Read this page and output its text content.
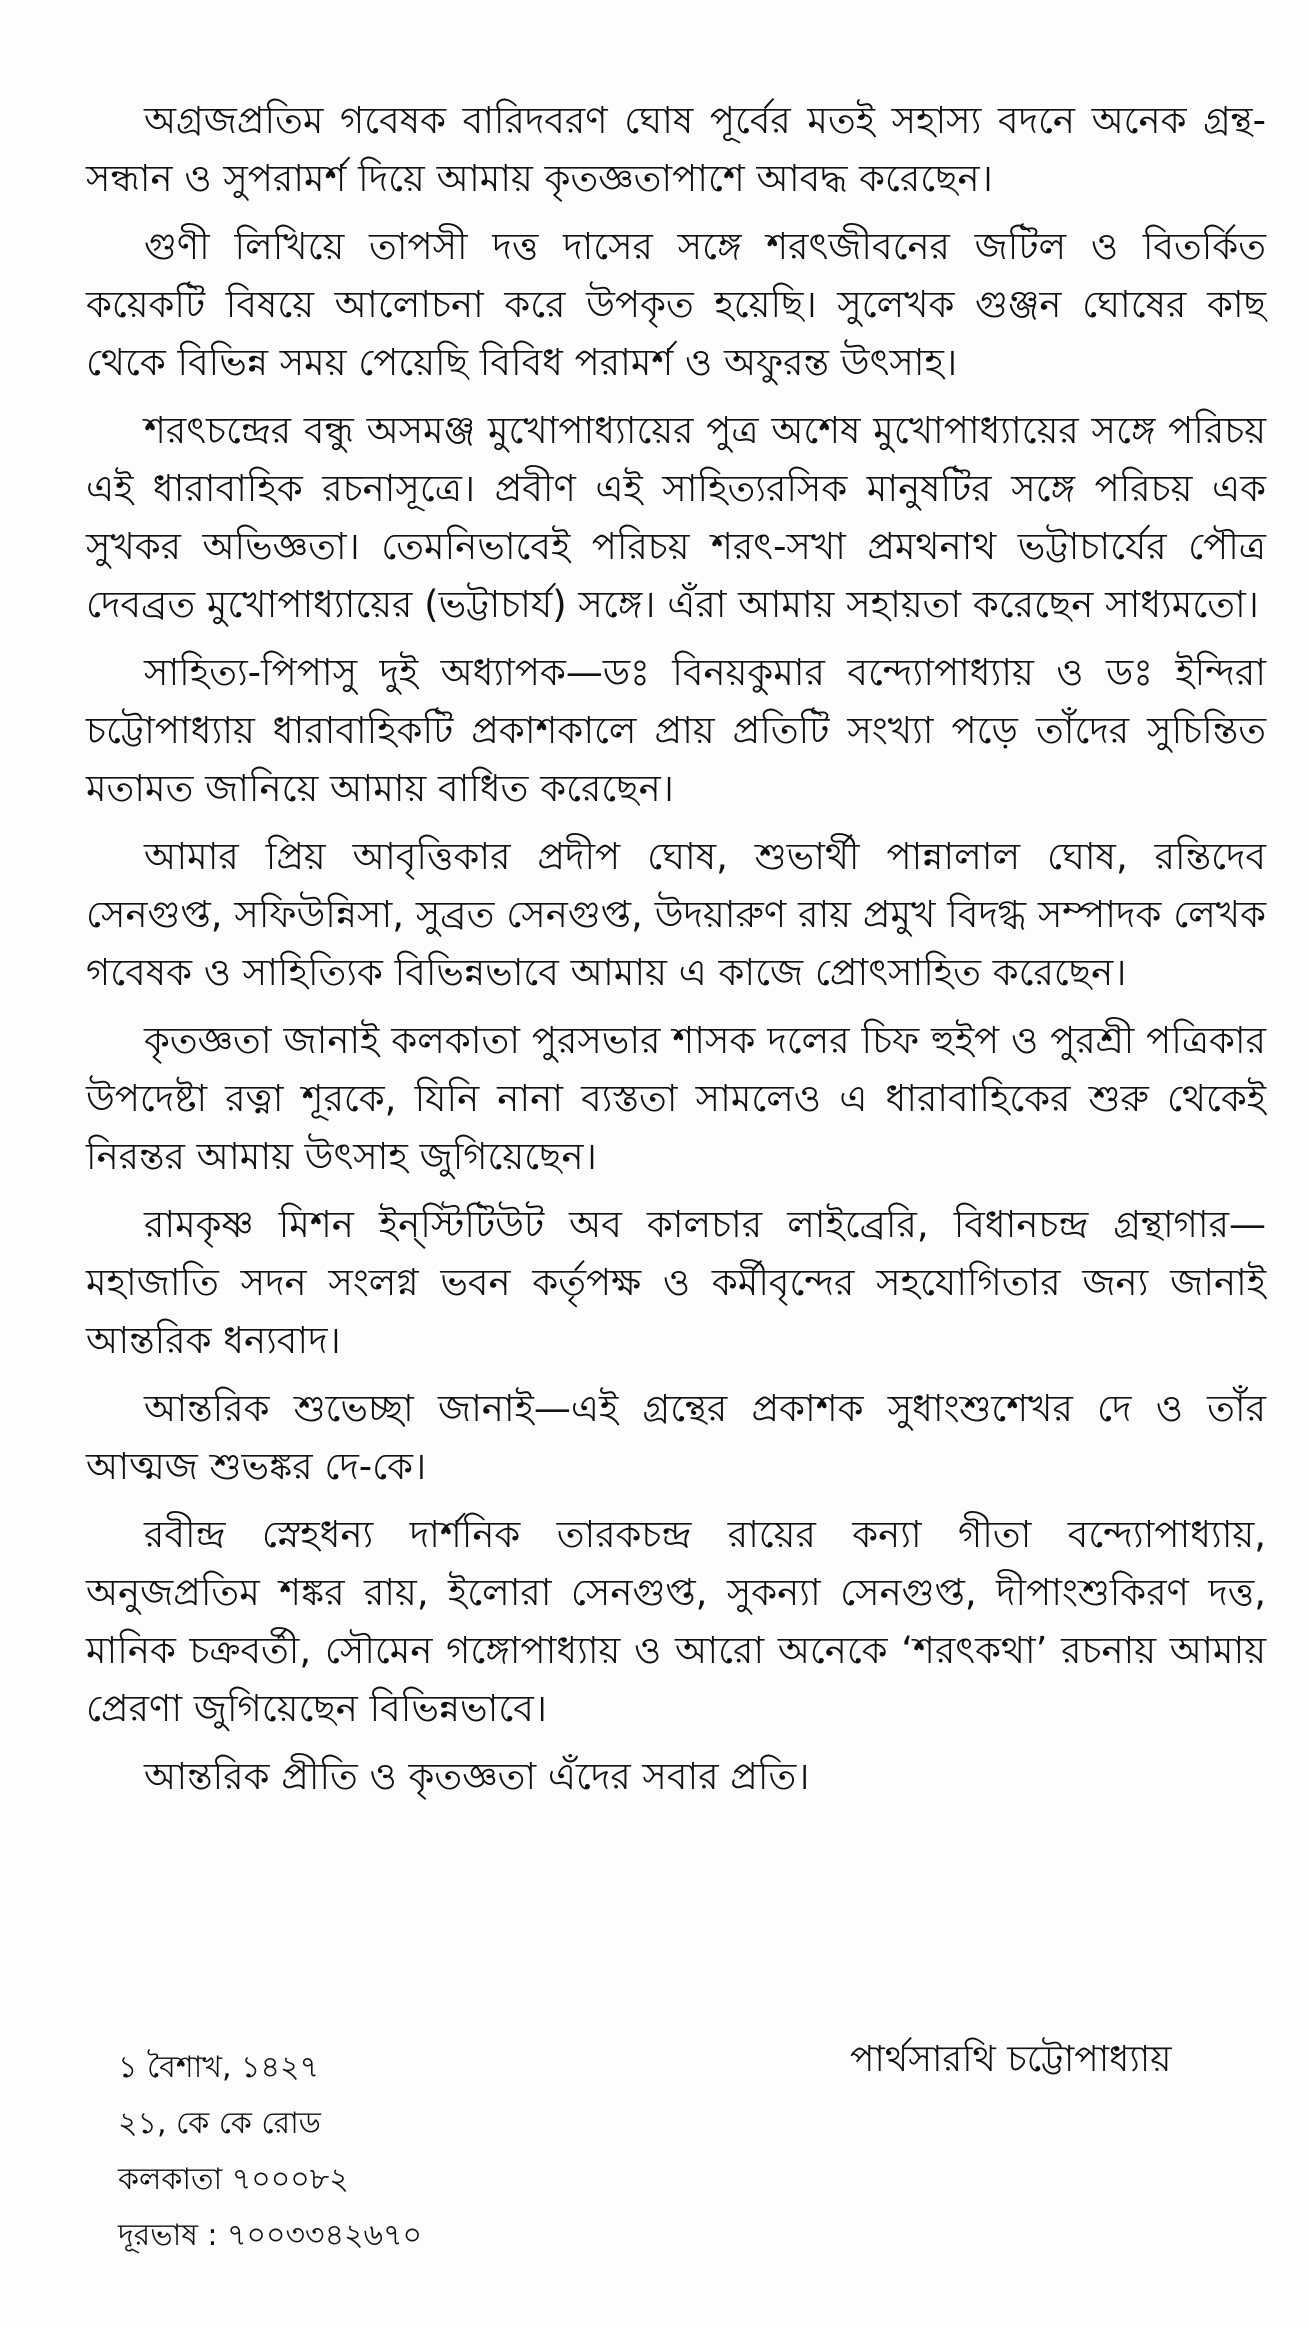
অগ্রজপ্রতিম গবেষক বারিদবরণ ঘোষ পূর্বের মতই সহাস্য বদনে অনেক গ্রন্থ-সন্ধান ও সুপরামর্শ দিয়ে আমায় কৃতজ্ঞতাপাশে আবদ্ধ করেছেন।

গুণী লিখিয়ে তাপসী দত্ত দাসের সঙ্গে শরৎজীবনের জটিল ও বিতর্কিত কয়েকটি বিষয়ে আলোচনা করে উপকৃত হয়েছি। সুলেখক গুঞ্জন ঘোষের কাছ থেকে বিভিন্ন সময় পেয়েছি বিবিধ পরামর্শ ও অফুরন্ত উৎসাহ।

শরৎচন্দ্রের বন্ধু অসমঞ্জ মুখোপাধ্যায়ের পুত্র অশেষ মুখোপাধ্যায়ের সঙ্গে পরিচয় এই ধারাবাহিক রচনাসূত্রে। প্রবীণ এই সাহিত্যরসিক মানুষটির সঙ্গে পরিচয় এক সুখকর অভিজ্ঞতা। তেমনিভাবেই পরিচয় শরৎ-সখা প্রমথনাথ ভট্টাচার্যের পৌত্র দেবব্রত মুখোপাধ্যায়ের (ভট্টাচার্য) সঙ্গে। এঁরা আমায় সহায়তা করেছেন সাধ্যমতো।

সাহিত্য-পিপাসু দুই অধ্যাপক—ডঃ বিনয়কুমার বন্দ্যোপাধ্যায় ও ডঃ ইন্দিরা চট্টোপাধ্যায় ধারাবাহিকটি প্রকাশকালে প্রায় প্রতিটি সংখ্যা পড়ে তাঁদের সুচিন্তিত মতামত জানিয়ে আমায় বাধিত করেছেন।

আমার প্রিয় আবৃত্তিকার প্রদীপ ঘোষ, শুভার্থী পান্নালাল ঘোষ, রন্তিদেব সেনগুপ্ত, সফিউন্নিসা, সুব্রত সেনগুপ্ত, উদয়ারুণ রায় প্রমুখ বিদগ্ধ সম্পাদক লেখক গবেষক ও সাহিত্যিক বিভিন্নভাবে আমায় এ কাজে প্রোৎসাহিত করেছেন।

কৃতজ্ঞতা জানাই কলকাতা পুরসভার শাসক দলের চিফ হুইপ ও পুরশ্রী পত্রিকার উপদেষ্টা রত্না শূরকে, যিনি নানা ব্যস্ততা সামলেও এ ধারাবাহিকের শুরু থেকেই নিরন্তর আমায় উৎসাহ জুগিয়েছেন।

রামকৃষ্ণ মিশন ইন্‌স্টিটিউট অব কালচার লাইব্রেরি, বিধানচন্দ্র গ্রন্থাগার—মহাজাতি সদন সংলগ্ন ভবন কর্তৃপক্ষ ও কর্মীবৃন্দের সহযোগিতার জন্য জানাই আন্তরিক ধন্যবাদ।

আন্তরিক শুভেচ্ছা জানাই—এই গ্রন্থের প্রকাশক সুধাংশুশেখর দে ও তাঁর আত্মজ শুভঙ্কর দে-কে।

রবীন্দ্র স্নেহধন্য দার্শনিক তারকচন্দ্র রায়ের কন্যা গীতা বন্দ্যোপাধ্যায়, অনুজপ্রতিম শঙ্কর রায়, ইলোরা সেনগুপ্ত, সুকন্যা সেনগুপ্ত, দীপাংশুকিরণ দত্ত, মানিক চক্রবর্তী, সৌমেন গঙ্গোপাধ্যায় ও আরো অনেকে ‘শরৎকথা’ রচনায় আমায় প্রেরণা জুগিয়েছেন বিভিন্নভাবে।

আন্তরিক প্রীতি ও কৃতজ্ঞতা এঁদের সবার প্রতি।

১ বৈশাখ, ১৪২৭
২১, কে কে রোড
কলকাতা ৭০০০৮২
দূরভাষ : ৭০০৩৩৪২৬৭০
পার্থসারথি চট্টোপাধ্যায়
